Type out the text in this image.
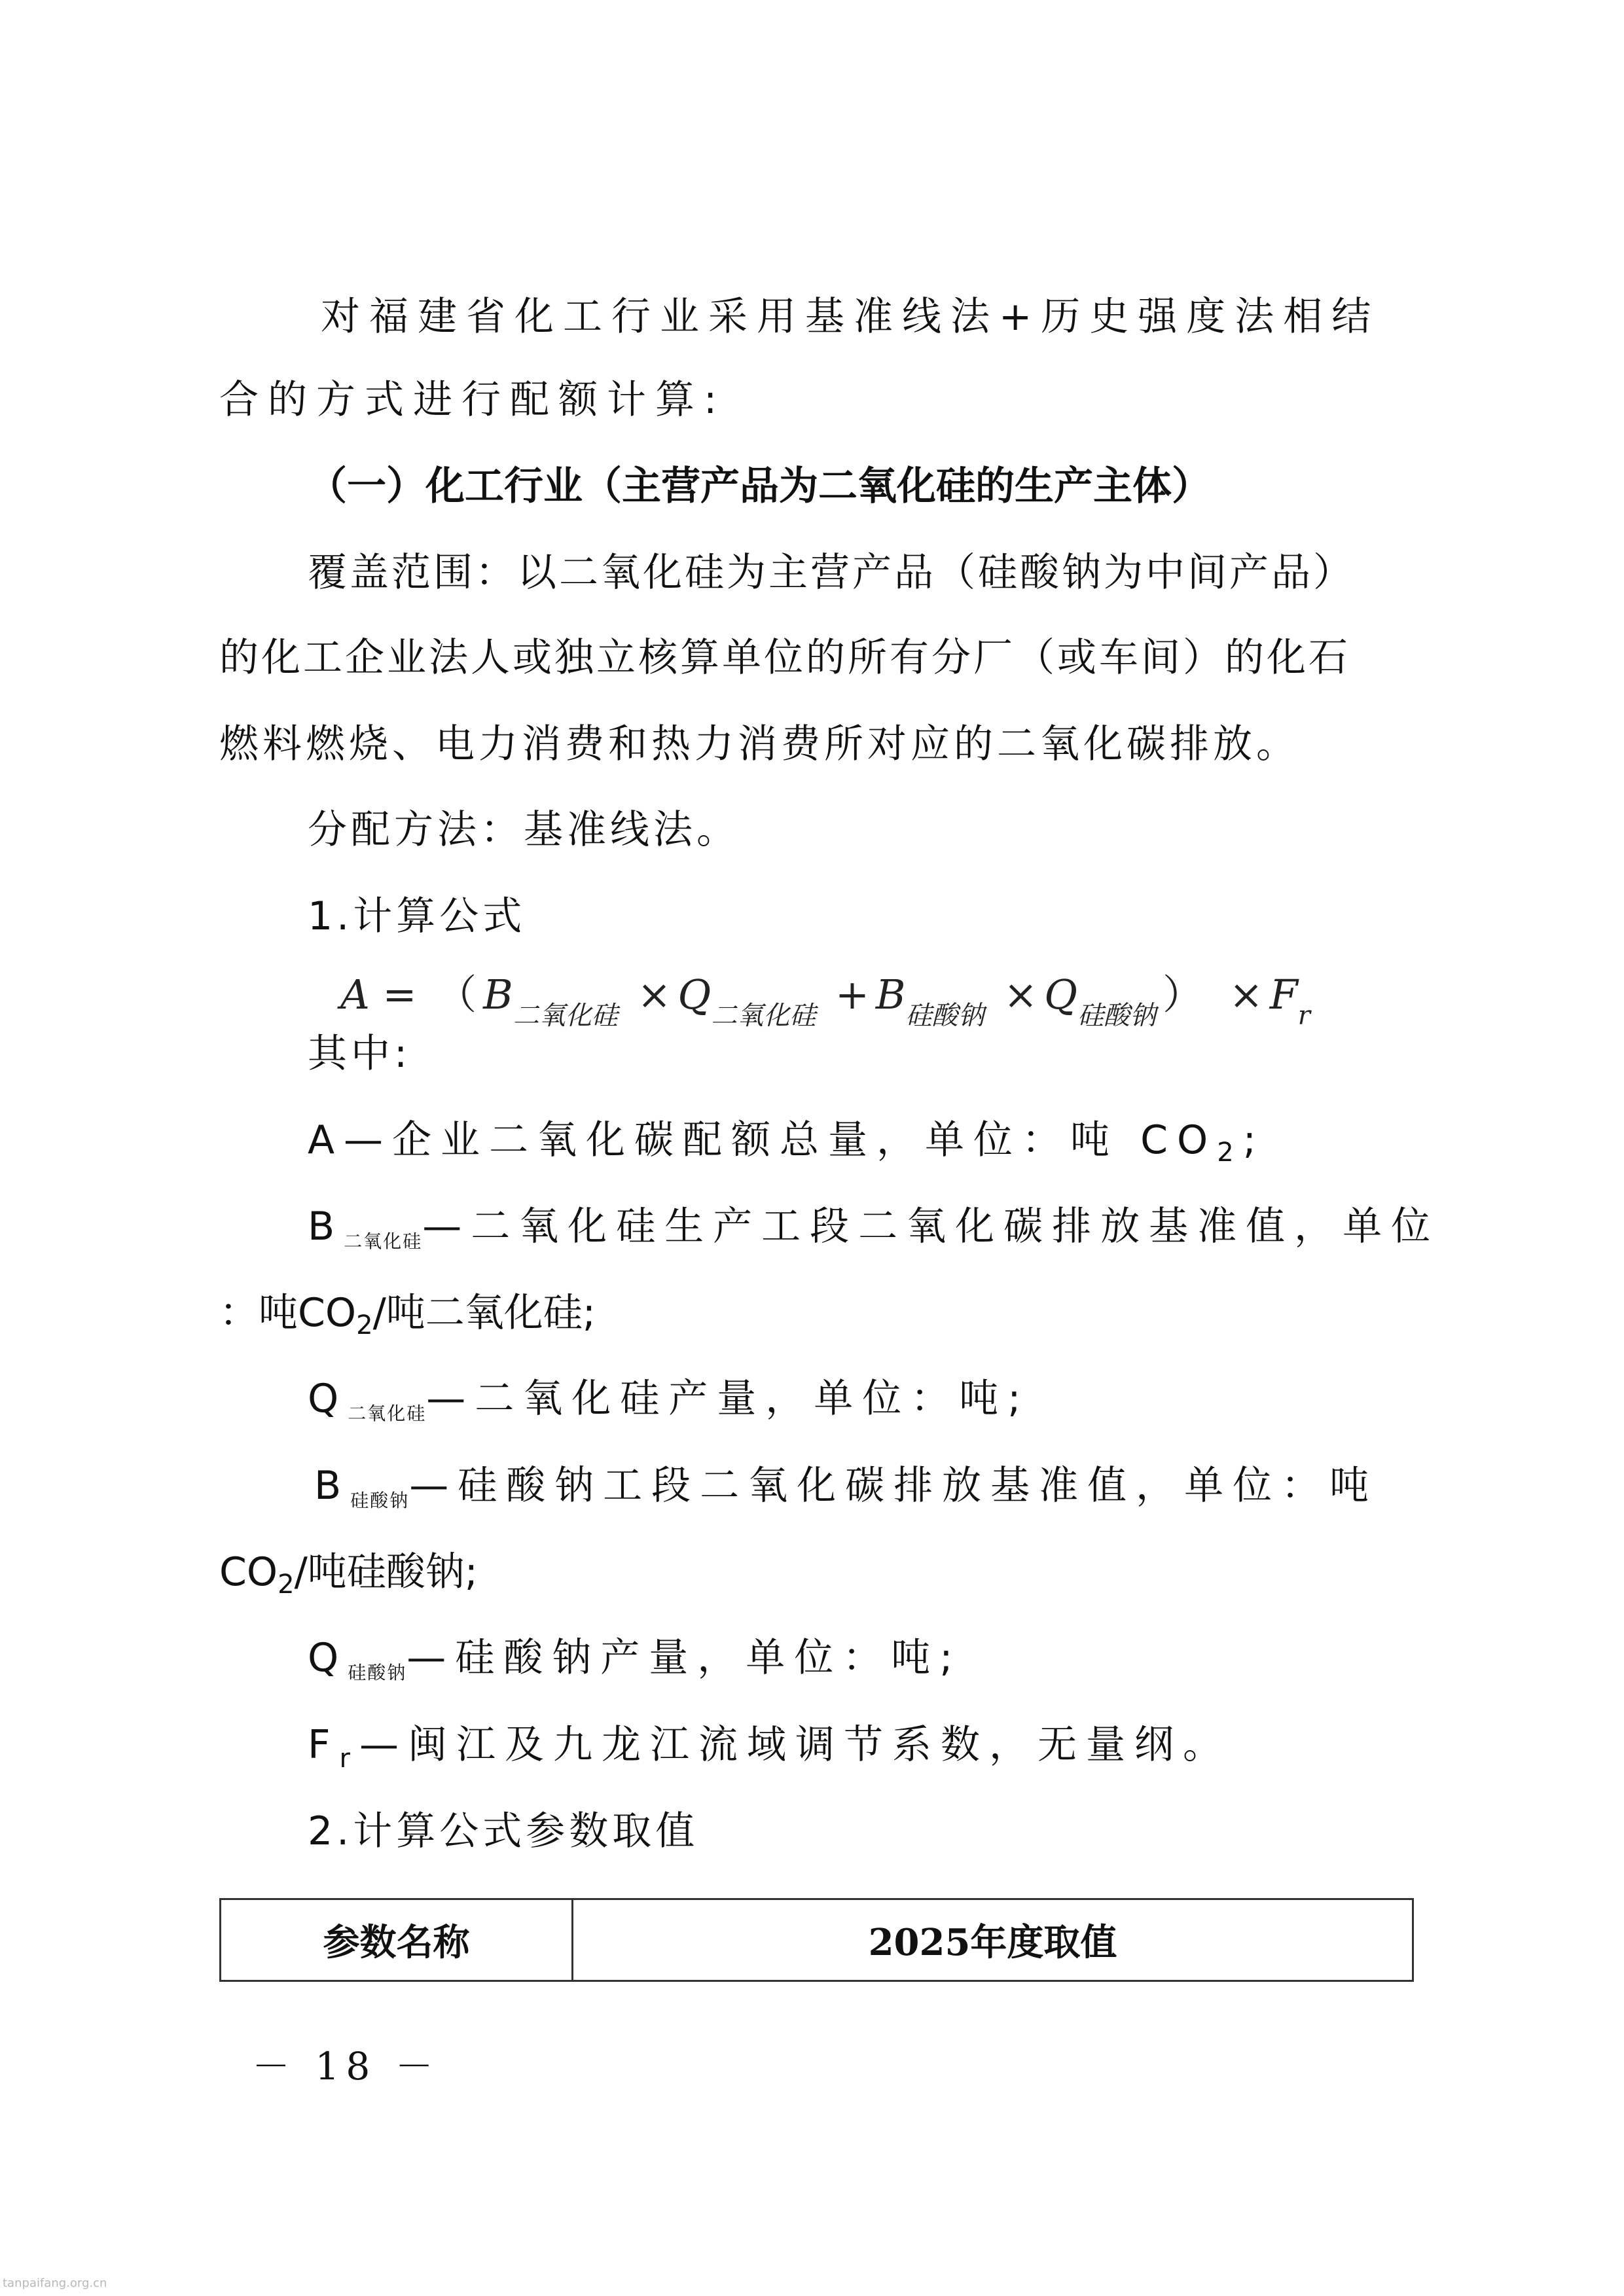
对福建省化工行业采用基准线法+历史强度法相结
合的方式进行配额计算:
（一）化工行业（主营产品为二氧化硅的生产主体）
覆盖范围：以二氧化硅为主营产品（硅酸钠为中间产品）
的化工企业法人或独立核算单位的所有分厂（或车间）的化石
燃料燃烧、电力消费和热力消费所对应的二氧化碳排放。
分配方法：基准线法。
1.计算公式
A = （ $B_{二氧化硅} \times Q_{二氧化硅} + B_{硅酸钠} \times Q_{硅酸钠}$ ） × $F_r$
其中:
A—企业二氧化碳配额总量，单位：吨 $CO_2$;
$B_{二氧化硅}—$二氧化硅生产工段二氧化碳排放基准值，单位
：吨$CO_2/$吨二氧化硅;
$Q_{二氧化硅}—$二氧化硅产量，单位：吨;
$B_{硅酸钠}—$硅酸钠工段二氧化碳排放基准值，单位：吨
$CO_2/$吨硅酸钠;
$Q_{硅酸钠}—$硅酸钠产量，单位：吨;
$F_r—$闽江及九龙江流域调节系数，无量纲。
2.计算公式参数取值
参数名称	2025年度取值
－ 18 －
tanpaifang.org.cn
